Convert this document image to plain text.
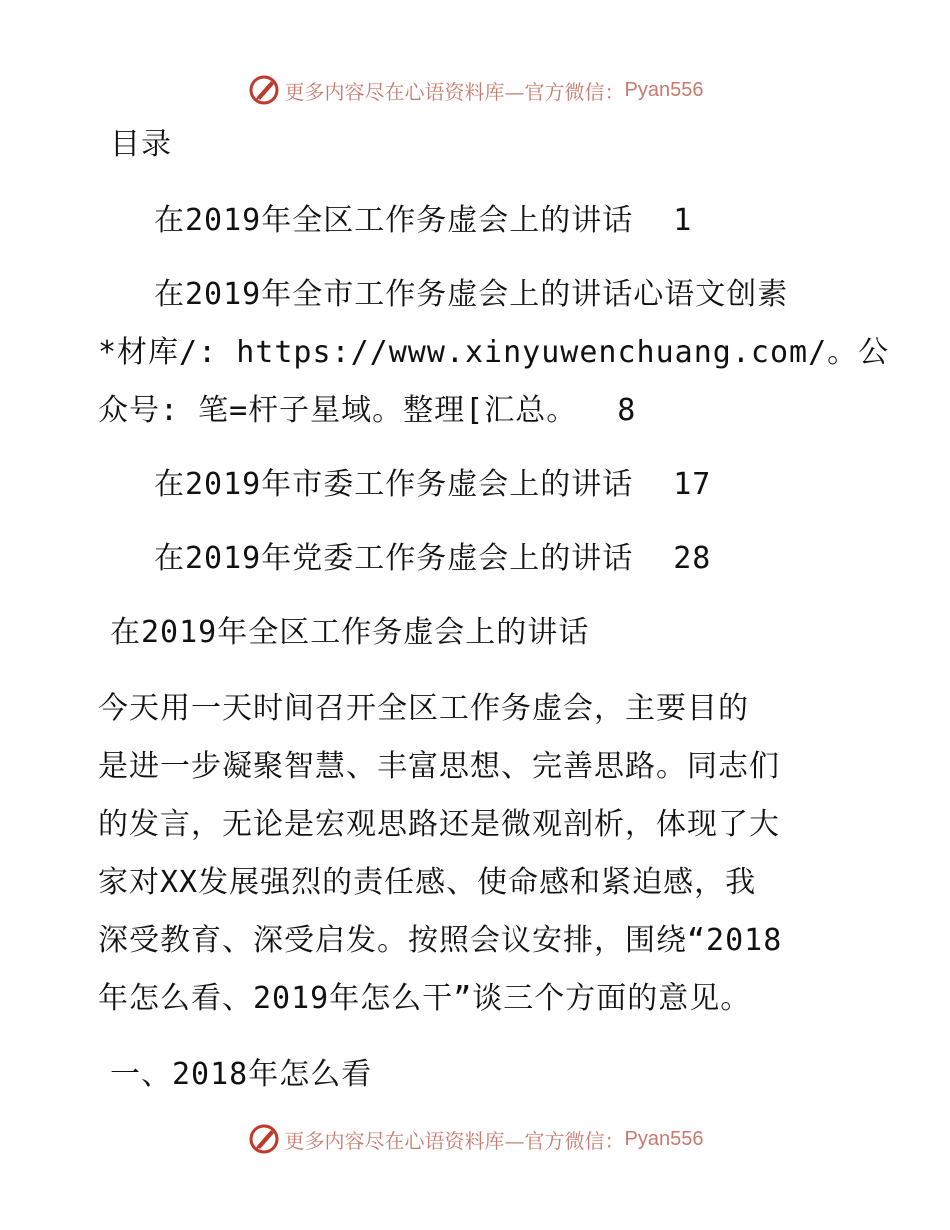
更多内容尽在心语资料库—官方微信： Pyan556
目录
在2019年全区工作务虚会上的讲话 1
在2019年全市工作务虚会上的讲话心语文创素
*材库/: https://www.xinyuwenchuang.com/。公
众号: 笔=杆子星域。整理[汇总。 8
在2019年市委工作务虚会上的讲话 17
在2019年党委工作务虚会上的讲话 28
在2019年全区工作务虚会上的讲话
今天用一天时间召开全区工作务虚会，主要目的
是进一步凝聚智慧、丰富思想、完善思路。同志们
的发言，无论是宏观思路还是微观剖析，体现了大
家对XX发展强烈的责任感、使命感和紧迫感，我
深受教育、深受启发。按照会议安排，围绕“2018
年怎么看、2019年怎么干”谈三个方面的意见。
一、2018年怎么看
更多内容尽在心语资料库—官方微信： Pyan556
